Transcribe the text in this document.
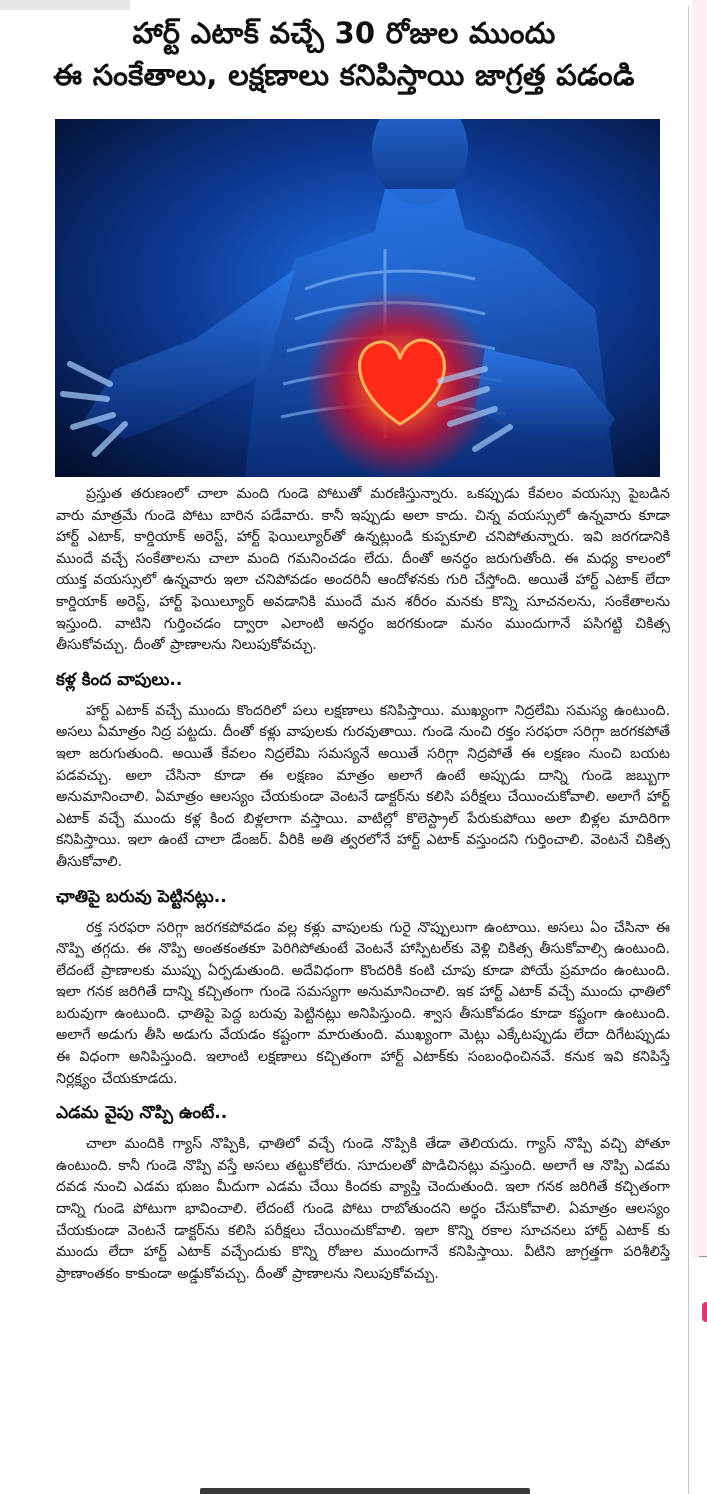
హార్ట్ ఎటాక్ వచ్చే 30 రోజుల ముందు
ఈ సంకేతాలు, లక్షణాలు కనిపిస్తాయి జాగ్రత్త పడండి

ప్రస్తుత తరుణంలో చాలా మంది గుండె పోటుతో మరణిస్తున్నారు. ఒకప్పుడు కేవలం వయస్సు పైబడిన వారు మాత్రమే గుండె పోటు బారిన పడేవారు. కానీ ఇప్పుడు అలా కాదు. చిన్న వయస్సులో ఉన్నవారు కూడా హార్ట్ ఎటాక్, కార్డియాక్ అరెస్ట్, హార్ట్ ఫెయిల్యూర్‌తో ఉన్నట్లుండి కుప్పకూలి చనిపోతున్నారు. ఇవి జరగడానికి ముందే వచ్చే సంకేతాలను చాలా మంది గమనించడం లేదు. దీంతో అనర్థం జరుగుతోంది. ఈ మధ్య కాలంలో యుక్త వయస్సులో ఉన్నవారు ఇలా చనిపోవడం అందరినీ ఆందోళనకు గురి చేస్తోంది. అయితే హార్ట్ ఎటాక్ లేదా కార్డియాక్ అరెస్ట్, హార్ట్ ఫెయిల్యూర్ అవడానికి ముందే మన శరీరం మనకు కొన్ని సూచనలను, సంకేతాలను ఇస్తుంది. వాటిని గుర్తించడం ద్వారా ఎలాంటి అనర్థం జరగకుండా మనం ముందుగానే పసిగట్టి చికిత్స తీసుకోవచ్చు. దీంతో ప్రాణాలను నిలుపుకోవచ్చు.

కళ్ల కింద వాపులు..

హార్ట్ ఎటాక్ వచ్చే ముందు కొందరిలో పలు లక్షణాలు కనిపిస్తాయి. ముఖ్యంగా నిద్రలేమి సమస్య ఉంటుంది. అసలు ఏమాత్రం నిద్ర పట్టదు. దీంతో కళ్లు వాపులకు గురవుతాయి. గుండె నుంచి రక్తం సరఫరా సరిగ్గా జరగకపోతే ఇలా జరుగుతుంది. అయితే కేవలం నిద్రలేమి సమస్యనే అయితే సరిగ్గా నిద్రపోతే ఈ లక్షణం నుంచి బయట పడవచ్చు. అలా చేసినా కూడా ఈ లక్షణం మాత్రం అలాగే ఉంటే అప్పుడు దాన్ని గుండె జబ్బుగా అనుమానించాలి. ఏమాత్రం ఆలస్యం చేయకుండా వెంటనే డాక్టర్‌ను కలిసి పరీక్షలు చేయించుకోవాలి. అలాగే హార్ట్ ఎటాక్ వచ్చే ముందు కళ్ల కింద బిళ్లలాగా వస్తాయి. వాటిల్లో కొలెస్ట్రాల్ పేరుకుపోయి అలా బిళ్లల మాదిరిగా కనిపిస్తాయి. ఇలా ఉంటే చాలా డేంజర్. వీరికి అతి త్వరలోనే హార్ట్ ఎటాక్ వస్తుందని గుర్తించాలి. వెంటనే చికిత్స తీసుకోవాలి.

ఛాతిపై బరువు పెట్టినట్లు..

రక్త సరఫరా సరిగ్గా జరగకపోవడం వల్ల కళ్లు వాపులకు గురై నొప్పులుగా ఉంటాయి. అసలు ఏం చేసినా ఈ నొప్పి తగ్గదు. ఈ నొప్పి అంతకంతకూ పెరిగిపోతుంటే వెంటనే హాస్పిటల్‌కు వెళ్లి చికిత్స తీసుకోవాల్సి ఉంటుంది. లేదంటే ప్రాణాలకు ముప్పు ఏర్పడుతుంది. అదేవిధంగా కొందరికి కంటి చూపు కూడా పోయే ప్రమాదం ఉంటుంది. ఇలా గనక జరిగితే దాన్ని కచ్చితంగా గుండె సమస్యగా అనుమానించాలి. ఇక హార్ట్ ఎటాక్ వచ్చే ముందు ఛాతిలో బరువుగా ఉంటుంది. ఛాతిపై పెద్ద బరువు పెట్టినట్లు అనిపిస్తుంది. శ్వాస తీసుకోవడం కూడా కష్టంగా ఉంటుంది. అలాగే అడుగు తీసి అడుగు వేయడం కష్టంగా మారుతుంది. ముఖ్యంగా మెట్లు ఎక్కేటప్పుడు లేదా దిగేటప్పుడు ఈ విధంగా అనిపిస్తుంది. ఇలాంటి లక్షణాలు కచ్చితంగా హార్ట్ ఎటాక్‌కు సంబంధించినవే. కనుక ఇవి కనిపిస్తే నిర్లక్ష్యం చేయకూడదు.

ఎడమ వైపు నొప్పి ఉంటే..

చాలా మందికి గ్యాస్ నొప్పికి, ఛాతిలో వచ్చే గుండె నొప్పికి తేడా తెలియదు. గ్యాస్ నొప్పి వచ్చి పోతూ ఉంటుంది. కానీ గుండె నొప్పి వస్తే అసలు తట్టుకోలేరు. సూదులతో పొడిచినట్లు వస్తుంది. అలాగే ఆ నొప్పి ఎడమ దవడ నుంచి ఎడమ భుజం మీదుగా ఎడమ చేయి కిందకు వ్యాప్తి చెందుతుంది. ఇలా గనక జరిగితే కచ్చితంగా దాన్ని గుండె పోటుగా భావించాలి. లేదంటే గుండె పోటు రాబోతుందని అర్థం చేసుకోవాలి. ఏమాత్రం ఆలస్యం చేయకుండా వెంటనే డాక్టర్‌ను కలిసి పరీక్షలు చేయించుకోవాలి. ఇలా కొన్ని రకాల సూచనలు హార్ట్ ఎటాక్ కు ముందు లేదా హార్ట్ ఎటాక్ వచ్చేందుకు కొన్ని రోజుల ముందుగానే కనిపిస్తాయి. వీటిని జాగ్రత్తగా పరిశీలిస్తే ప్రాణాంతకం కాకుండా అడ్డుకోవచ్చు. దీంతో ప్రాణాలను నిలుపుకోవచ్చు.
